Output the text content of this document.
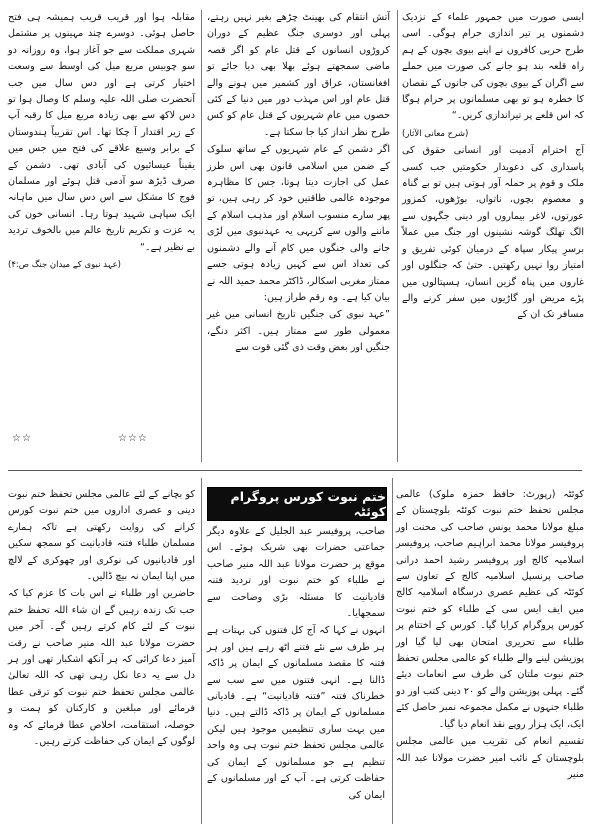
ایسی صورت میں جمہور علماء کے نزدیک دشمنوں پر تیر اندازی حرام ہوگی۔ اسی طرح حربی کافروں نے اپنے بیوی بچوں کے ہم راہ قلعہ بند ہو جانے کی صورت میں حملے سے اگران کے بیوی بچوں کی جانوں کے نقصان کا خطرہ ہو تو بھی مسلمانوں پر حرام ہوگا کہ اس قلعے پر تیراندازی کریں۔“

(شرح معانی الآثار)

آج احترام آدمیت اور انسانی حقوق کی پاسداری کی دعویدار حکومتیں جب کسی ملک و قوم پر حملہ آور ہوتی ہیں تو بے گناہ و معصوم بچوں، ناتواں، بوڑھوں، کمزور عورتوں، لاغر بیماروں اور دینی جگہوں سے الگ تھلگ گوشہ نشینوں اور جنگ میں عملاً برسرِ پیکار سپاہ کے درمیان کوئی تفریق و امتیاز روا نہیں رکھتیں۔ حتیٰ کہ جنگلوں اور غاروں میں پناہ گزین انسان، ہسپتالوں میں پڑے مریض اور گاڑیوں میں سفر کرنے والے مسافر تک ان کے

آتش انتقام کی بھینٹ چڑھے بغیر نہیں رہتے، پہلی اور دوسری جنگ عظیم کے دوران کروڑوں انسانوں کے قتل عام کو اگر قصہ ماضی سمجھتے ہوئے بھلا بھی دیا جائے تو افغانستان، عراق اور کشمیر میں ہونے والے قتل عام اور اس مہذب دور میں دنیا کے کئی حصوں میں عام شہریوں کے قتل عام کو کس طرح نظر انداز کیا جا سکتا ہے۔

اگر دشمن کے عام شہریوں کے ساتھ سلوک کے ضمن میں اسلامی قانون بھی اس طرز عمل کی اجازت دیتا ہوتا، جس کا مظاہرہ موجودہ عالمی طاقتیں خود کر رہی ہیں، تو پھر سارے منسوب اسلام اور مذہب اسلام کے ماننے والوں سے کریہی یہ عہدنبوی میں لڑی جانے والی جنگوں میں کام آنے والے دشمنوں کی تعداد اس سے کہیں زیادہ ہوتی جسے ممتاز مغربی اسکالر، ڈاکٹر محمد حمید اللہ نے بیان کیا ہے۔ وہ رقم طراز ہیں:

”عہد نبوی کی جنگیں تاریخ انسانی میں غیر معمولی طور سے ممتاز ہیں۔ اکثر دنگے، جنگیں اور بعض وقت ذی گئی قوت سے

مقابلہ ہوا اور قریب قریب ہمیشہ ہی فتح حاصل ہوئی۔ دوسرے چند مہینوں پر مشتمل شہری مملکت سے جو آغاز ہوا، وہ روزانہ دو سو چوبیس مربع میل کی اوسط سے وسعت اختیار کرتی ہے اور دس سال میں جب آنحضرت صلی اللہ علیہ وسلم کا وصال ہوا تو دس لاکھ سے بھی زیادہ مربع میل کا رقبہ آپ کے زیر اقتدار آ چکا تھا۔ اس تقریباً ہندوستان کے برابر وسیع علاقے کی فتح میں جس میں یقیناً عیسائیوں کی آبادی تھی۔ دشمن کے صرف ڈیڑھ سو آدمی قتل ہوئے اور مسلمان فوج کا مشکل سے اس دس سال میں ماہانہ ایک سپاہی شہید ہوتا رہا۔ انسانی خون کی یہ عزت و تکریم تاریخ عالم میں بالخوف تردید بے نظیر ہے۔“

(عہد نبوی کے میدان جنگ ص:۴)

☆☆☆
☆☆
ختم نبوت کورس پروگرام کوئٹہ

کوئٹہ (رپورٹ: حافظ حمزہ ملوک) عالمی مجلس تحفظ ختم نبوت کوئٹہ بلوچستان کے مبلغ مولانا محمد یونس صاحب کی محنت اور پروفیسر مولانا محمد ابراہیم صاحب، پروفیسر اسلامیہ کالج اور پروفیسر رشید احمد درانی صاحب پرنسپل اسلامیہ کالج کے تعاون سے کوئٹہ کی عظیم عصری درسگاہ اسلامیہ کالج میں ایف ایس سی کے طلباء کو ختم نبوت کورس پروگرام کرایا گیا۔ کورس کے اختتام پر طلباء سے تحریری امتحان بھی لیا گیا اور پوزیشن لینے والے طلباء کو عالمی مجلس تحفظ ختم نبوت ملتان کی طرف سے انعامات دیئے گئے۔ پہلی پوزیشن والے کو ۲۰ دینی کتب اور دو طلباء جنہوں نے مکمل مجموعہ نمبر حاصل کئے ایک، ایک ہزار روپے نقد انعام دیا گیا۔

تقسیم انعام کی تقریب میں عالمی مجلس بلوچستان کے نائب امیر حضرت مولانا عبد اللہ منیر

صاحب، پروفیسر عبد الجلیل کے علاوہ دیگر جماعتی حضرات بھی شریک ہوئے۔ اس موقع پر حضرت مولانا عبد اللہ منیر صاحب نے طلباء کو ختم نبوت اور تردید فتنہ قادیانیت کا مسئلہ بڑی وضاحت سے سمجھایا۔

انہوں نے کہا کہ آج کل فتنوں کی بہتات ہے ہر طرف سے نئے فتنے اٹھ رہے ہیں اور ہر فتنہ کا مقصد مسلمانوں کے ایمان پر ڈاکہ ڈالنا ہے۔ انہی فتنوں میں سے سب سے خطرناک فتنہ ”فتنہ قادیانیت“ ہے۔ قادیانی مسلمانوں کے ایمان پر ڈاکہ ڈالتے ہیں۔ دنیا میں بہت ساری تنظیمیں موجود ہیں لیکن عالمی مجلس تحفظ ختم نبوت ہی وہ واحد تنظیم ہے جو مسلمانوں کے ایمان کی حفاظت کرتی ہے۔ آپ کے اور مسلمانوں کے ایمان کی

کو بچانے کے لئے عالمی مجلس تحفظ ختم نبوت دینی و عصری اداروں میں ختم نبوت کورس کرانے کی روایت رکھتی ہے تاکہ ہمارے مسلمان طلباء فتنہ قادیانیت کو سمجھ سکیں اور قادیانیوں کی نوکری اور چھوکری کے لالچ میں اپنا ایمان نہ بیچ ڈالیں۔

حاضرین اور طلباء نے اس بات کا عزم کیا کہ جب تک زندہ رہیں گے ان شاء اللہ تحفظ ختم نبوت کے لئے کام کرتے رہیں گے۔ آخر میں حضرت مولانا عبد اللہ منیر صاحب نے رقت آمیز دعا کرائی کہ ہر آنکھ اشکبار تھی اور ہر دل سے یہ دعا نکل رہی تھی کہ اللہ تعالیٰ عالمی مجلس تحفظ ختم نبوت کو ترقی عطا فرمائے اور مبلغین و کارکنان کو ہمت و حوصلہ، استقامت، اخلاص عطا فرمائے کہ وہ لوگوں کے ایمان کی حفاظت کرتے رہیں۔
